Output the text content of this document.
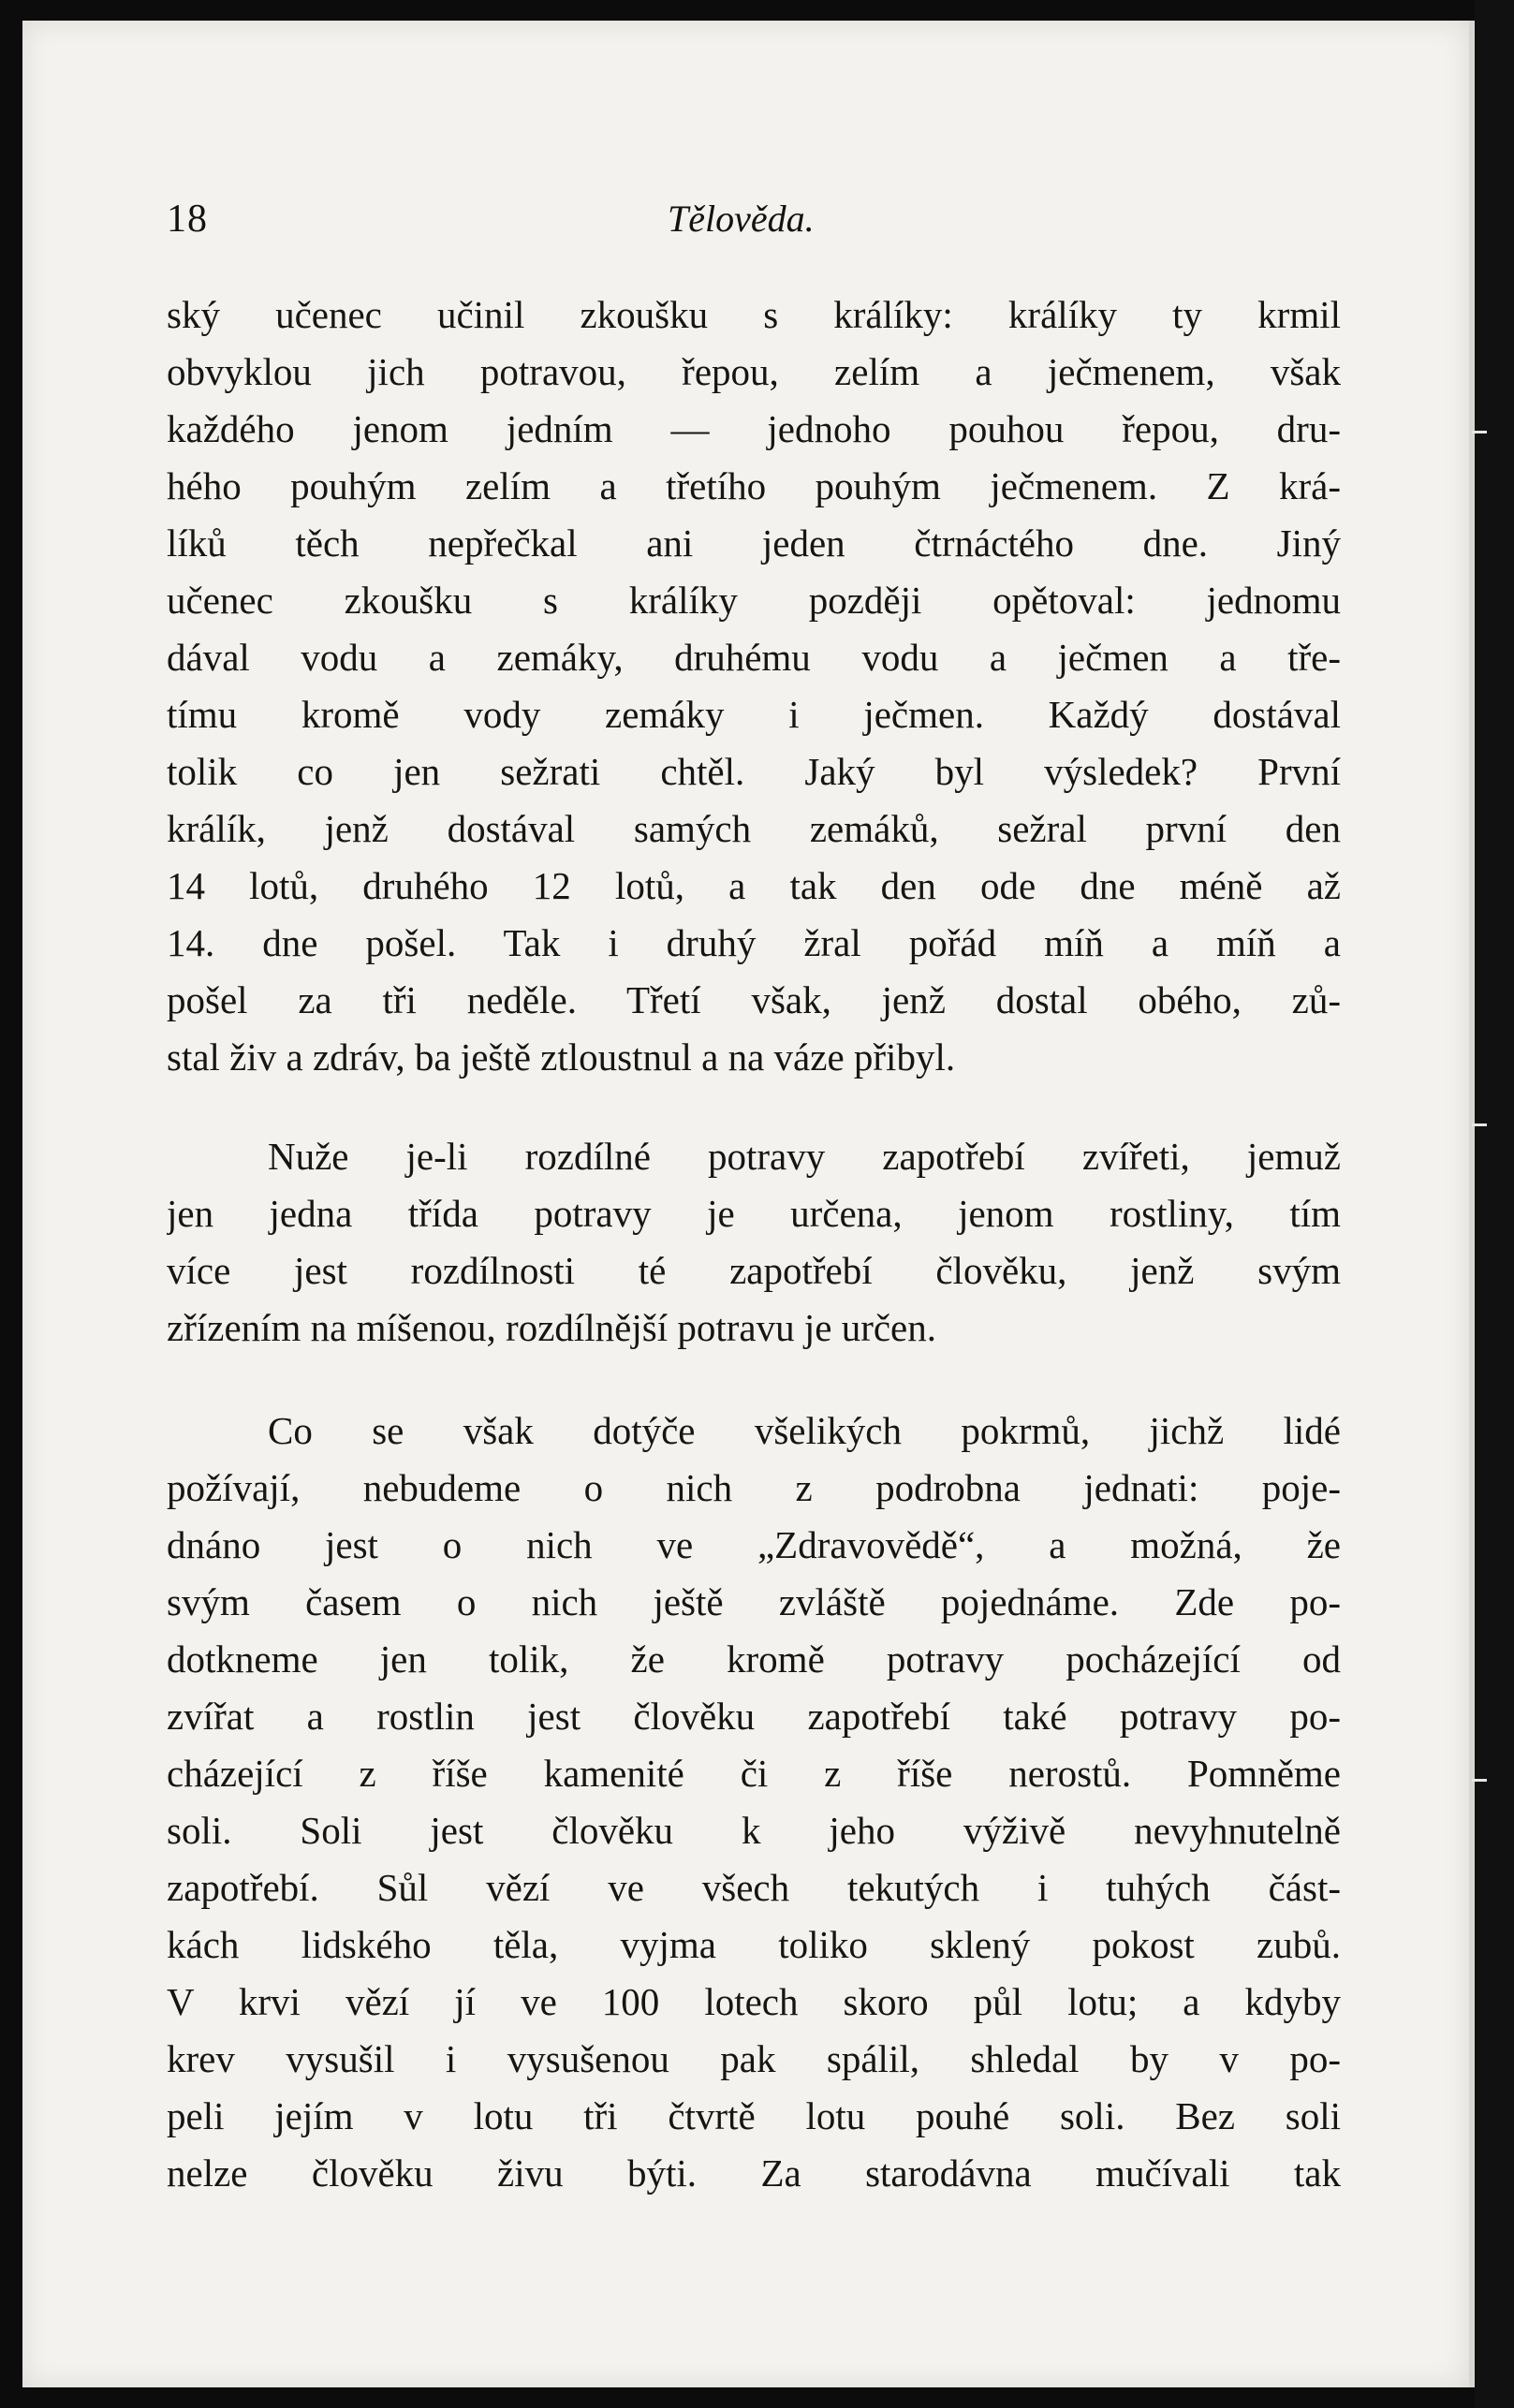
18	Tělověda.
ský učenec učinil zkoušku s králíky: králíky ty krmil
obvyklou jich potravou, řepou, zelím a ječmenem, však
každého jenom jedním — jednoho pouhou řepou, dru-
hého pouhým zelím a třetího pouhým ječmenem. Z krá-
líků těch nepřečkal ani jeden čtrnáctého dne. Jiný
učenec zkoušku s králíky později opětoval: jednomu
dával vodu a zemáky, druhému vodu a ječmen a tře-
tímu kromě vody zemáky i ječmen. Každý dostával
tolik co jen sežrati chtěl. Jaký byl výsledek? První
králík, jenž dostával samých zemáků, sežral první den
14 lotů, druhého 12 lotů, a tak den ode dne méně až
14. dne pošel. Tak i druhý žral pořád míň a míň a
pošel za tři neděle. Třetí však, jenž dostal obého, zů-
stal živ a zdráv, ba ještě ztloustnul a na váze přibyl.
Nuže je-li rozdílné potravy zapotřebí zvířeti, jemuž
jen jedna třída potravy je určena, jenom rostliny, tím
více jest rozdílnosti té zapotřebí člověku, jenž svým
zřízením na míšenou, rozdílnější potravu je určen.
Co se však dotýče všelikých pokrmů, jichž lidé
požívají, nebudeme o nich z podrobna jednati: poje-
dnáno jest o nich ve „Zdravovědě“, a možná, že
svým časem o nich ještě zvláště pojednáme. Zde po-
dotkneme jen tolik, že kromě potravy pocházející od
zvířat a rostlin jest člověku zapotřebí také potravy po-
cházející z říše kamenité či z říše nerostů. Pomněme
soli. Soli jest člověku k jeho výživě nevyhnutelně
zapotřebí. Sůl vězí ve všech tekutých i tuhých část-
kách lidského těla, vyjma toliko sklený pokost zubů.
V krvi vězí jí ve 100 lotech skoro půl lotu; a kdyby
krev vysušil i vysušenou pak spálil, shledal by v po-
peli jejím v lotu tři čtvrtě lotu pouhé soli. Bez soli
nelze člověku živu býti. Za starodávna mučívali tak
